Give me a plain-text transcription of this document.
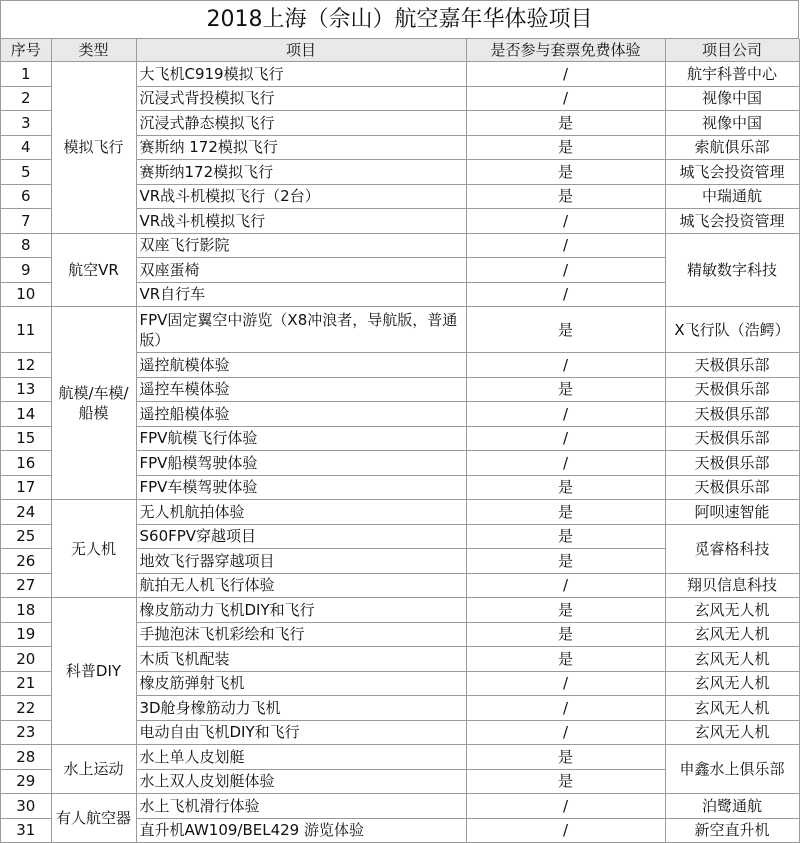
2018上海（佘山）航空嘉年华体验项目
序号	类型	项目	是否参与套票免费体验	项目公司
1	模拟飞行	大飞机C919模拟飞行	/	航宇科普中心
2		沉浸式背投模拟飞行	/	视像中国
3		沉浸式静态模拟飞行	是	视像中国
4		赛斯纳 172模拟飞行	是	索航俱乐部
5		赛斯纳172模拟飞行	是	城飞会投资管理
6		VR战斗机模拟飞行（2台）	是	中瑞通航
7		VR战斗机模拟飞行	/	城飞会投资管理
8	航空VR	双座飞行影院	/	精敏数字科技
9		双座蛋椅	/	
10		VR自行车	/	
11	航模/车模/船模	FPV固定翼空中游览（X8冲浪者，导航版，普通版）	是	X飞行队（浩鳄）
12		遥控航模体验	/	天极俱乐部
13		遥控车模体验	是	天极俱乐部
14		遥控船模体验	/	天极俱乐部
15		FPV航模飞行体验	/	天极俱乐部
16		FPV船模驾驶体验	/	天极俱乐部
17		FPV车模驾驶体验	是	天极俱乐部
24	无人机	无人机航拍体验	是	阿呗速智能
25		S60FPV穿越项目	是	觅睿格科技
26		地效飞行器穿越项目	是	
27		航拍无人机飞行体验	/	翔贝信息科技
18	科普DIY	橡皮筋动力飞机DIY和飞行	是	玄风无人机
19		手抛泡沫飞机彩绘和飞行	是	玄风无人机
20		木质飞机配装	是	玄风无人机
21		橡皮筋弹射飞机	/	玄风无人机
22		3D舱身橡筋动力飞机	/	玄风无人机
23		电动自由飞机DIY和飞行	/	玄风无人机
28	水上运动	水上单人皮划艇	是	申鑫水上俱乐部
29		水上双人皮划艇体验	是	
30	有人航空器	水上飞机滑行体验	/	泊鹭通航
31		直升机AW109/BEL429 游览体验	/	新空直升机
